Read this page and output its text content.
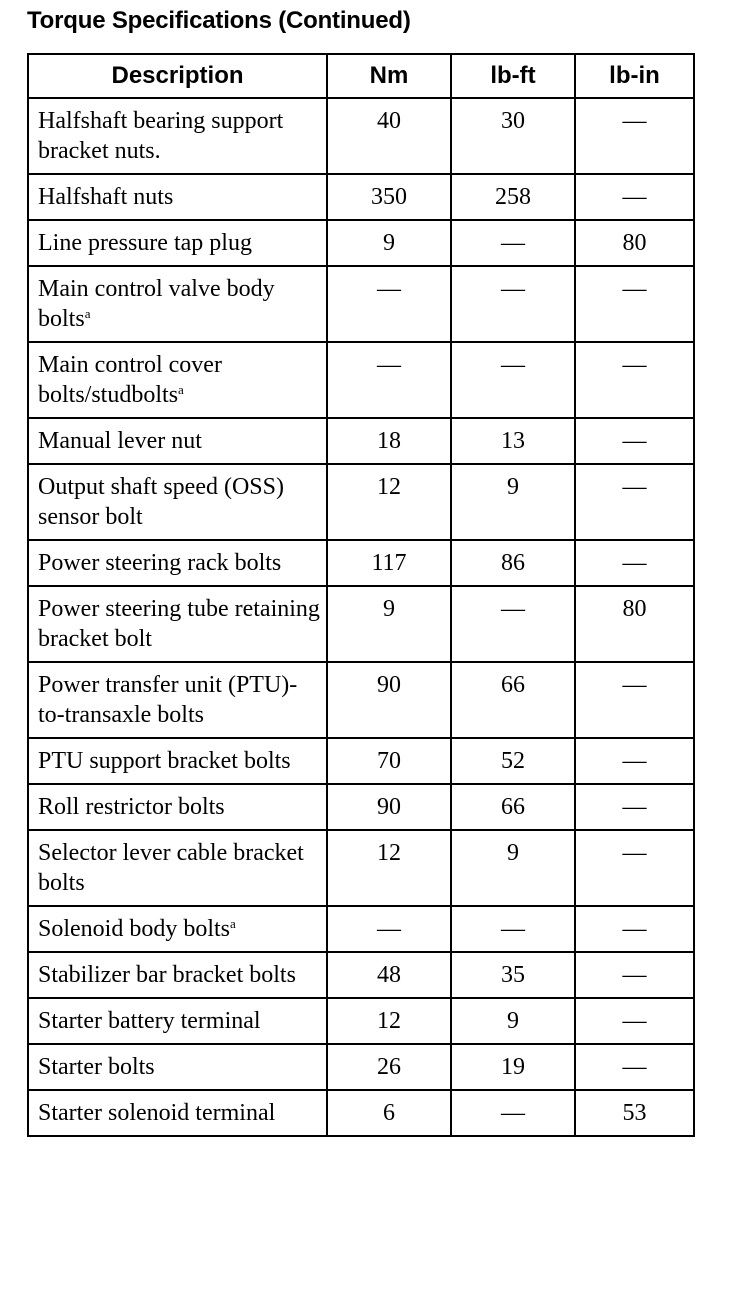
Torque Specifications (Continued)
Description	Nm	lb-ft	lb-in
Halfshaft bearing support bracket nuts.	40	30	—
Halfshaft nuts	350	258	—
Line pressure tap plug	9	—	80
Main control valve body bolts$^a$	—	—	—
Main control cover bolts/studbolts$^a$	—	—	—
Manual lever nut	18	13	—
Output shaft speed (OSS) sensor bolt	12	9	—
Power steering rack bolts	117	86	—
Power steering tube retaining bracket bolt	9	—	80
Power transfer unit (PTU)-to-transaxle bolts	90	66	—
PTU support bracket bolts	70	52	—
Roll restrictor bolts	90	66	—
Selector lever cable bracket bolts	12	9	—
Solenoid body bolts$^a$	—	—	—
Stabilizer bar bracket bolts	48	35	—
Starter battery terminal	12	9	—
Starter bolts	26	19	—
Starter solenoid terminal	6	—	53
